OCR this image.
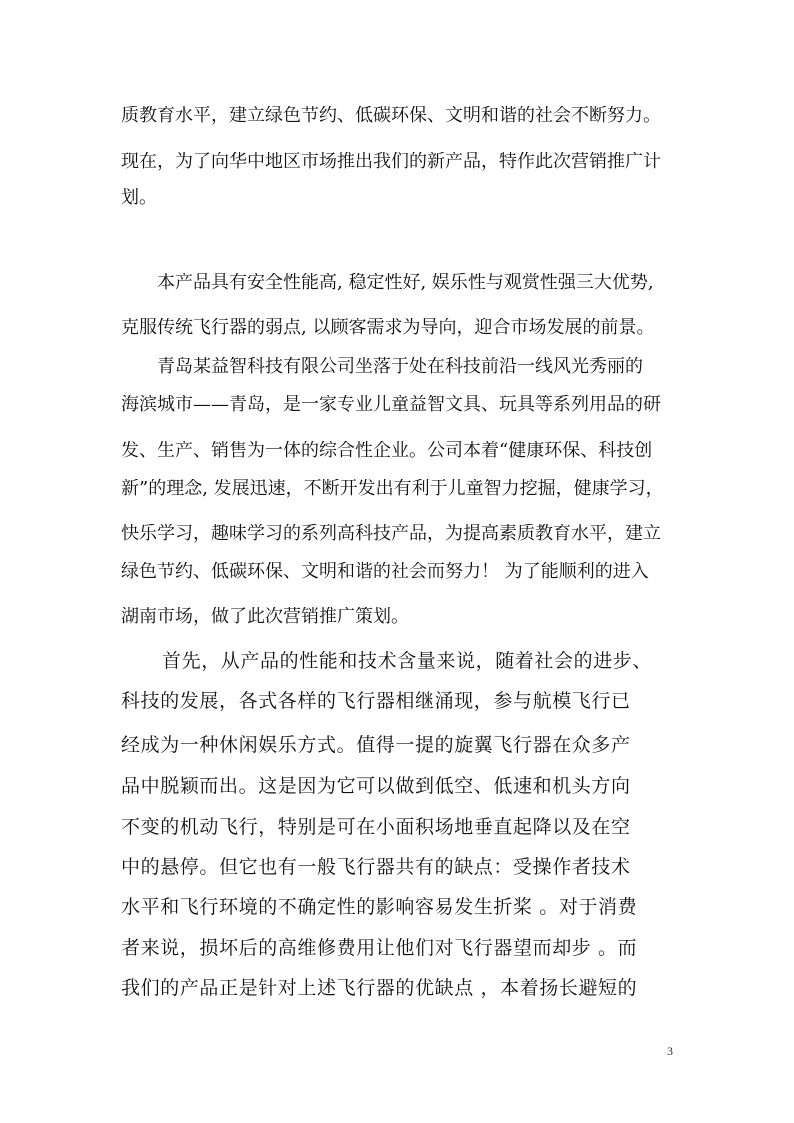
质教育水平，建立绿色节约、低碳环保、文明和谐的社会不断努力。
现在，为了向华中地区市场推出我们的新产品，特作此次营销推广计
划。
本产品具有安全性能高, 稳定性好, 娱乐性与观赏性强三大优势,
克服传统飞行器的弱点, 以顾客需求为导向，迎合市场发展的前景。
青岛某益智科技有限公司坐落于处在科技前沿一线风光秀丽的
海滨城市——青岛，是一家专业儿童益智文具、玩具等系列用品的研
发、生产、销售为一体的综合性企业。公司本着“健康环保、科技创
新”的理念, 发展迅速，不断开发出有利于儿童智力挖掘，健康学习，
快乐学习，趣味学习的系列高科技产品，为提高素质教育水平，建立
绿色节约、低碳环保、文明和谐的社会而努力！ 为了能顺利的进入
湖南市场，做了此次营销推广策划。
首先，从产品的性能和技术含量来说，随着社会的进步、
科技的发展，各式各样的飞行器相继涌现，参与航模飞行已
经成为一种休闲娱乐方式。值得一提的旋翼飞行器在众多产
品中脱颖而出。这是因为它可以做到低空、低速和机头方向
不变的机动飞行，特别是可在小面积场地垂直起降以及在空
中的悬停。但它也有一般飞行器共有的缺点：受操作者技术
水平和飞行环境的不确定性的影响容易发生折桨 。对于消费
者来说，损坏后的高维修费用让他们对飞行器望而却步 。而
我们的产品正是针对上述飞行器的优缺点 ，本着扬长避短的
3
